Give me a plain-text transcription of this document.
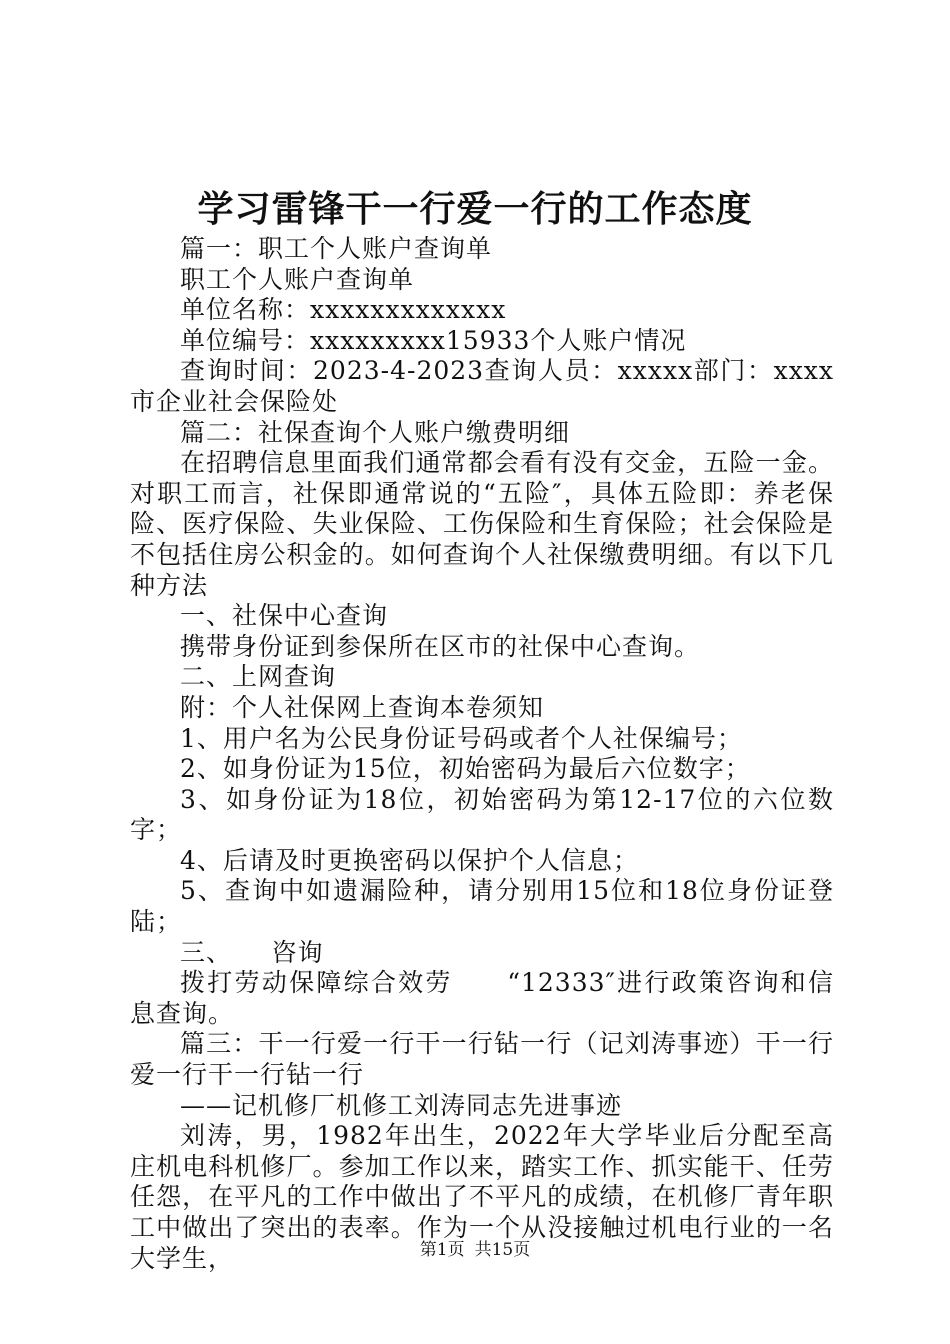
学习雷锋干一行爱一行的工作态度

篇一：职工个人账户查询单

职工个人账户查询单

单位名称：xxxxxxxxxxxxx

单位编号：xxxxxxxxx15933个人账户情况

查询时间：2023-4-2023查询人员：xxxxx部门：xxxx市企业社会保险处

篇二：社保查询个人账户缴费明细

在招聘信息里面我们通常都会看有没有交金，五险一金。对职工而言，社保即通常说的“五险″，具体五险即：养老保险、医疗保险、失业保险、工伤保险和生育保险；社会保险是不包括住房公积金的。如何查询个人社保缴费明细。有以下几种方法

一、社保中心查询

携带身份证到参保所在区市的社保中心查询。

二、上网查询

附：个人社保网上查询本卷须知

1、用户名为公民身份证号码或者个人社保编号；

2、如身份证为15位，初始密码为最后六位数字；

3、如身份证为18位，初始密码为第12-17位的六位数字；

4、后请及时更换密码以保护个人信息；

5、查询中如遗漏险种，请分别用15位和18位身份证登陆；

三、　　咨询

拨打劳动保障综合效劳　　“12333″进行政策咨询和信息查询。

篇三：干一行爱一行干一行钻一行（记刘涛事迹）干一行爱一行干一行钻一行

——记机修厂机修工刘涛同志先进事迹

刘涛，男，1982年出生，2022年大学毕业后分配至高庄机电科机修厂。参加工作以来，踏实工作、抓实能干、任劳任怨，在平凡的工作中做出了不平凡的成绩，在机修厂青年职工中做出了突出的表率。作为一个从没接触过机电行业的一名大学生，	第1页 共15页
